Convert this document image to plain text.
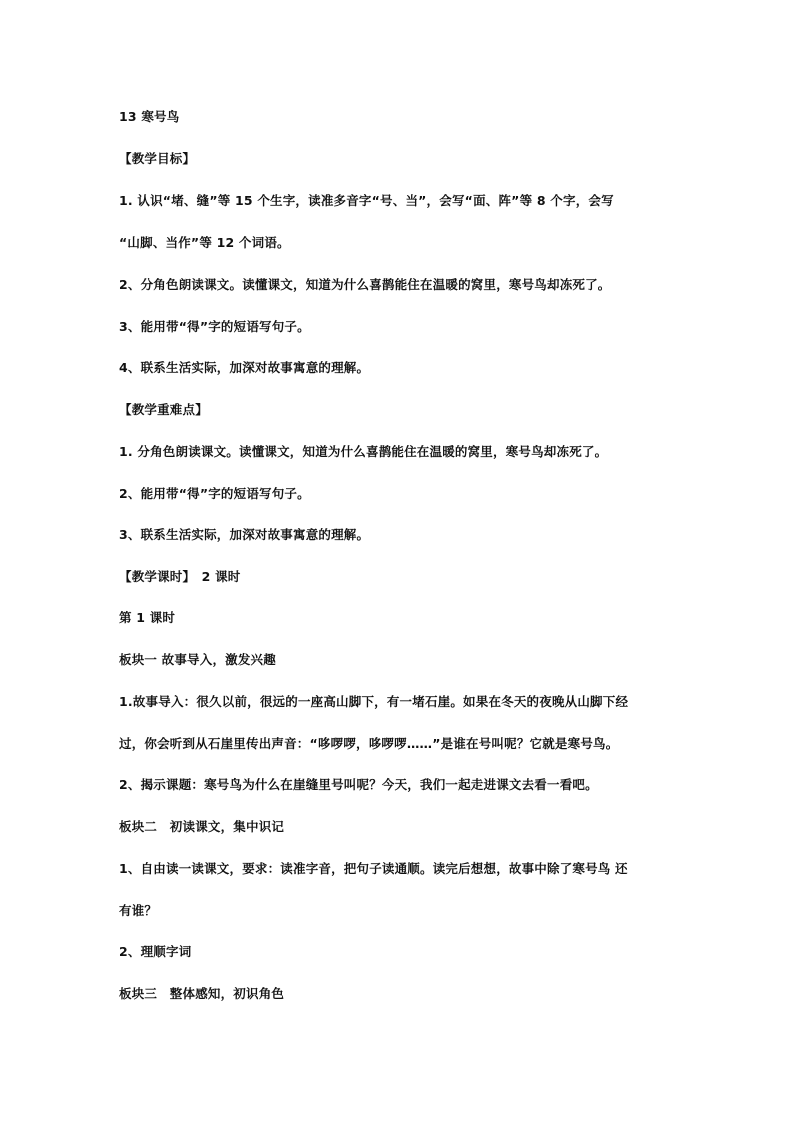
13 寒号鸟
【教学目标】
1. 认识“堵、缝”等 15 个生字，读准多音字“号、当”，会写“面、阵”等 8 个字，会写
“山脚、当作”等 12 个词语。
2、分角色朗读课文。读懂课文，知道为什么喜鹊能住在温暖的窝里，寒号鸟却冻死了。
3、能用带“得”字的短语写句子。
4、联系生活实际，加深对故事寓意的理解。
【教学重难点】
1. 分角色朗读课文。读懂课文，知道为什么喜鹊能住在温暖的窝里，寒号鸟却冻死了。
2、能用带“得”字的短语写句子。
3、联系生活实际，加深对故事寓意的理解。
【教学课时】　2 课时
第 1 课时
板块一 故事导入，激发兴趣
1.故事导入：很久以前，很远的一座高山脚下，有一堵石崖。如果在冬天的夜晚从山脚下经
过，你会听到从石崖里传出声音：“哆啰啰，哆啰啰……”是谁在号叫呢？它就是寒号鸟。
2、揭示课题：寒号鸟为什么在崖缝里号叫呢？今天，我们一起走进课文去看一看吧。
板块二　初读课文，集中识记
1、自由读一读课文，要求：读准字音，把句子读通顺。读完后想想，故事中除了寒号鸟 还
有谁？
2、理顺字词
板块三　整体感知，初识角色
